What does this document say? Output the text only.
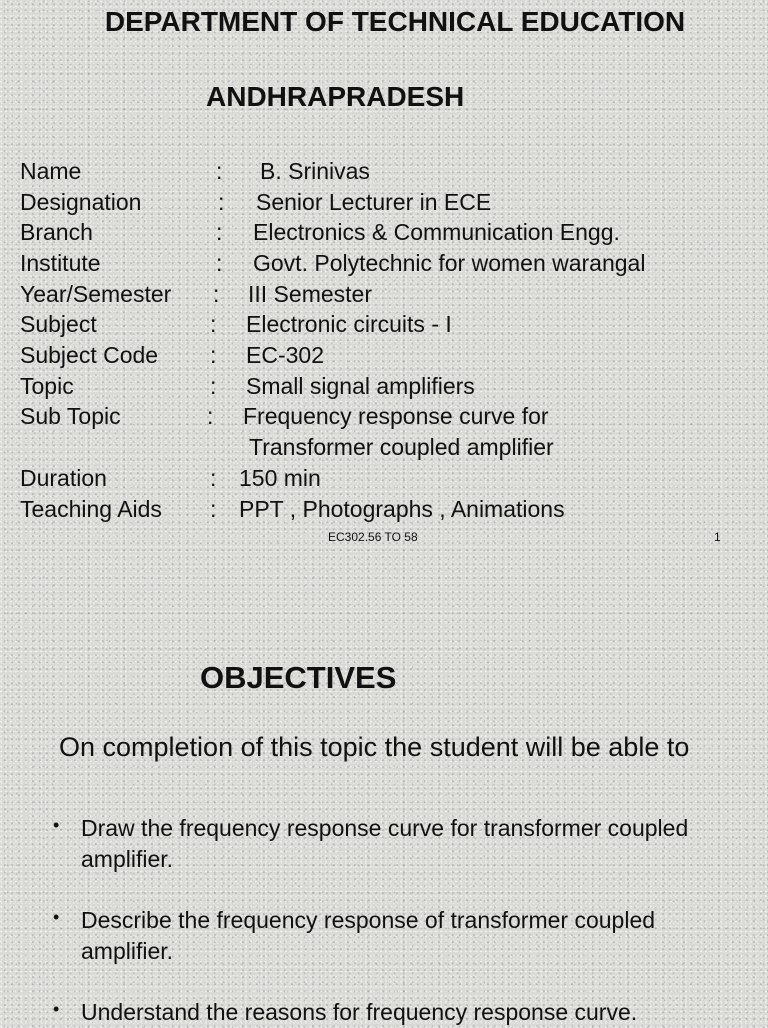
DEPARTMENT OF TECHNICAL EDUCATION
ANDHRAPRADESH
Name	: B. Srinivas
Designation	: Senior Lecturer in ECE
Branch	: Electronics & Communication Engg.
Institute	: Govt. Polytechnic for women warangal
Year/Semester : III Semester
Subject	: Electronic circuits - I
Subject Code : EC-302
Topic	: Small signal amplifiers
Sub Topic	: Frequency response curve for
Transformer coupled amplifier
Duration	: 150 min
Teaching Aids : PPT , Photographs , Animations
EC302.56 TO 58	1
OBJECTIVES
On completion of this topic the student will be able to
• Draw the frequency response curve for transformer coupled amplifier.
• Describe the frequency response of transformer coupled amplifier.
• Understand the reasons for frequency response curve.
